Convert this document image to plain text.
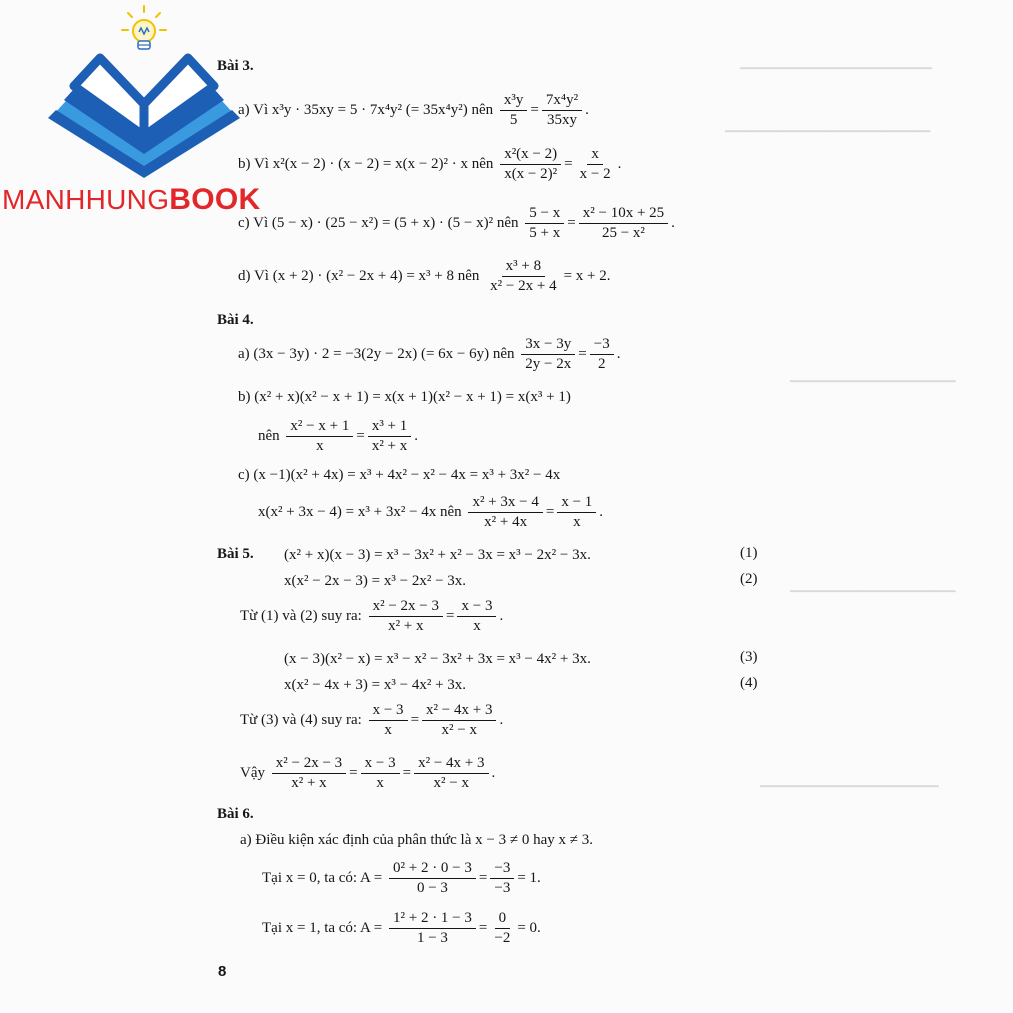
━━━━━━━━━━━━━━━━━━━━━━━━━━━━━
━━━━━━━━━━━━━━━━━━━━━━━━━━━━━━━
━━━━━━━━━━━━━━━━━━━━━━━━━
━━━━━━━━━━━━━━━━━━━━━━━━━
━━━━━━━━━━━━━━━━━━━━━━━━━━━
MANHHUNGBOOK
Bài 3.
a) Vì x³y · 35xy = 5 · 7x⁴y² (= 35x⁴y²) nên $\frac{\text{x³y}}{5} = \frac{\text{7x⁴y²}}{35xy}$ .
b) Vì x²(x − 2) · (x − 2) = x(x − 2)² · x nên $\frac{\text{x²(x − 2)}}{\text{x(x − 2)²}} = \frac{x}{x - 2}$ .
c) Vì (5 − x) · (25 − x²) = (5 + x) · (5 − x)² nên $\frac{5 - x}{5 + x} = \frac{\text{x² − 10x + 25}}{\text{25 − x²}}$ .
d) Vì (x + 2) · (x² − 2x + 4) = x³ + 8 nên $\frac{\text{x³ + 8}}{\text{x² − 2x + 4}} = x + 2$.
Bài 4.
a) (3x − 3y) · 2 = −3(2y − 2x) (= 6x − 6y) nên $\frac{3x - 3y}{2y - 2x} = \frac{-3}{2}$ .
b) (x² + x)(x² − x + 1) = x(x + 1)(x² − x + 1) = x(x³ + 1)
nên $\frac{\text{x² − x + 1}}{x} = \frac{\text{x³ + 1}}{\text{x² + x}}$ .
c) (x −1)(x² + 4x) = x³ + 4x² − x² − 4x = x³ + 3x² − 4x
x(x² + 3x − 4) = x³ + 3x² − 4x nên $\frac{\text{x² + 3x − 4}}{\text{x² + 4x}} = \frac{x - 1}{x}$ .
Bài 5. (x² + x)(x − 3) = x³ − 3x² + x² − 3x = x³ − 2x² − 3x.	(1)
x(x² − 2x − 3) = x³ − 2x² − 3x.	(2)
Từ (1) và (2) suy ra: $\frac{\text{x² − 2x − 3}}{\text{x² + x}} = \frac{x - 3}{x}$ .
(x − 3)(x² − x) = x³ − x² − 3x² + 3x = x³ − 4x² + 3x.	(3)
x(x² − 4x + 3) = x³ − 4x² + 3x.	(4)
Từ (3) và (4) suy ra: $\frac{x - 3}{x} = \frac{\text{x² − 4x + 3}}{\text{x² − x}}$ .
Vậy $\frac{\text{x² − 2x − 3}}{\text{x² + x}} = \frac{x - 3}{x} = \frac{\text{x² − 4x + 3}}{\text{x² − x}}$ .
Bài 6.
a) Điều kiện xác định của phân thức là x − 3 ≠ 0 hay x ≠ 3.
Tại x = 0, ta có: $A = \frac{\text{0² + 2 · 0 − 3}}{0 - 3} = \frac{-3}{-3} = 1$.
Tại x = 1, ta có: $A = \frac{\text{1² + 2 · 1 − 3}}{1 - 3} = \frac{0}{-2} = 0$.
8
